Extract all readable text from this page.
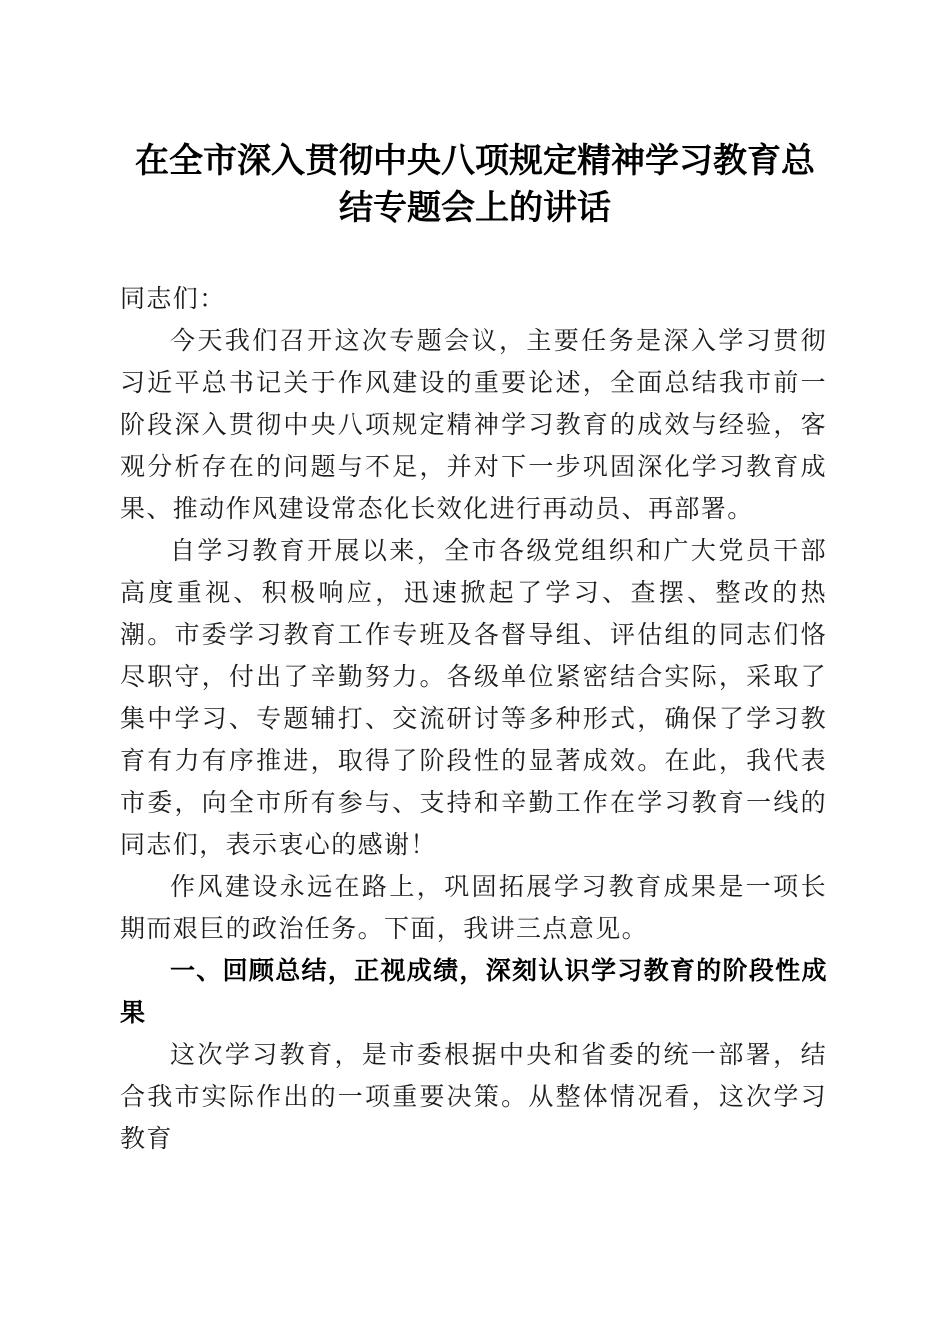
在全市深入贯彻中央八项规定精神学习教育总
结专题会上的讲话

同志们：

今天我们召开这次专题会议，主要任务是深入学习贯彻习近平总书记关于作风建设的重要论述，全面总结我市前一阶段深入贯彻中央八项规定精神学习教育的成效与经验，客观分析存在的问题与不足，并对下一步巩固深化学习教育成果、推动作风建设常态化长效化进行再动员、再部署。

自学习教育开展以来，全市各级党组织和广大党员干部高度重视、积极响应，迅速掀起了学习、查摆、整改的热潮。市委学习教育工作专班及各督导组、评估组的同志们恪尽职守，付出了辛勤努力。各级单位紧密结合实际，采取了集中学习、专题辅打、交流研讨等多种形式，确保了学习教育有力有序推进，取得了阶段性的显著成效。在此，我代表市委，向全市所有参与、支持和辛勤工作在学习教育一线的同志们，表示衷心的感谢！

作风建设永远在路上，巩固拓展学习教育成果是一项长期而艰巨的政治任务。下面，我讲三点意见。

一、回顾总结，正视成绩，深刻认识学习教育的阶段性成果

这次学习教育，是市委根据中央和省委的统一部署，结合我市实际作出的一项重要决策。从整体情况看，这次学习教育
